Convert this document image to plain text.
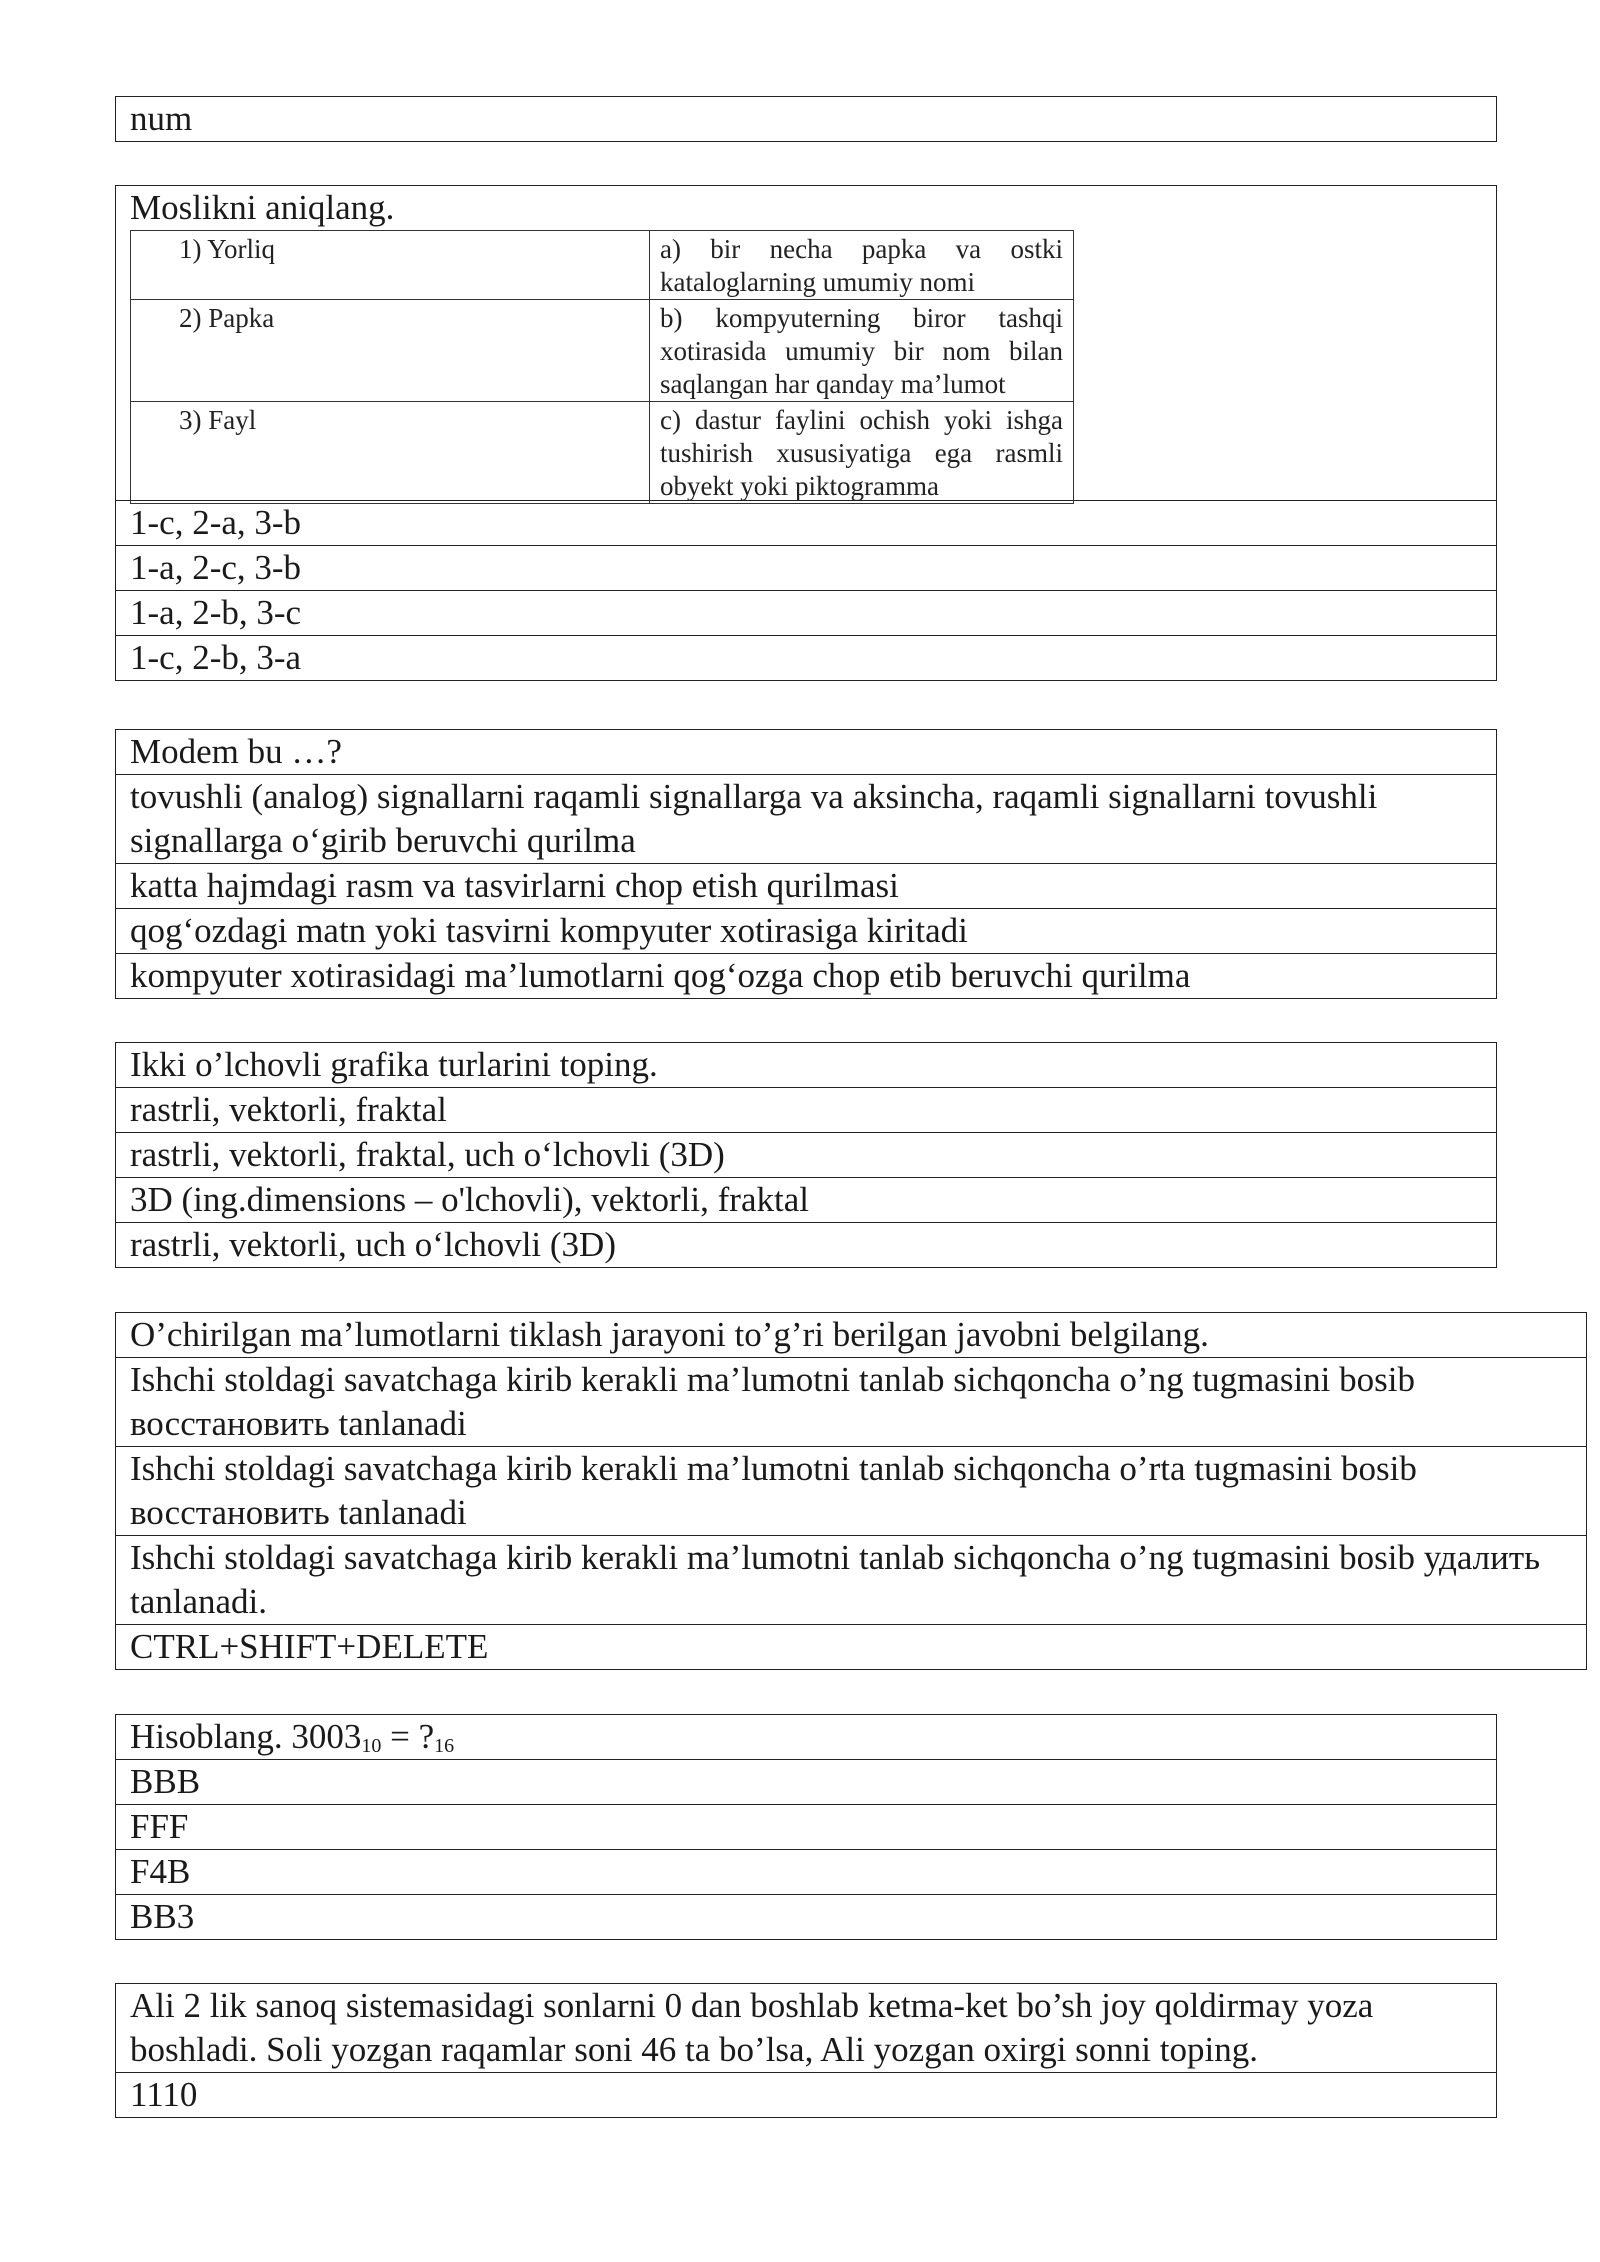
num
Moslikni aniqlang.
1) Yorliq	a) bir necha papka va ostki kataloglarning umumiy nomi
2) Papka	b) kompyuterning biror tashqi xotirasida umumiy bir nom bilan saqlangan har qanday ma’lumot
3) Fayl	c) dastur faylini ochish yoki ishga tushirish xususiyatiga ega rasmli obyekt yoki piktogramma

1-c, 2-a, 3-b
1-a, 2-c, 3-b
1-a, 2-b, 3-c
1-c, 2-b, 3-a
Modem bu …?
tovushli (analog) signallarni raqamli signallarga va aksincha, raqamli signallarni tovushli signallarga o‘girib beruvchi qurilma
katta hajmdagi rasm va tasvirlarni chop etish qurilmasi
qog‘ozdagi matn yoki tasvirni kompyuter xotirasiga kiritadi
kompyuter xotirasidagi ma’lumotlarni qog‘ozga chop etib beruvchi qurilma
Ikki o’lchovli grafika turlarini toping.
rastrli, vektorli, fraktal
rastrli, vektorli, fraktal, uch o‘lchovli (3D)
3D (ing.dimensions – o'lchovli), vektorli, fraktal
rastrli, vektorli, uch o‘lchovli (3D)
O’chirilgan ma’lumotlarni tiklash jarayoni to’g’ri berilgan javobni belgilang.
Ishchi stoldagi savatchaga kirib kerakli ma’lumotni tanlab sichqoncha o’ng tugmasini bosib восстановить tanlanadi
Ishchi stoldagi savatchaga kirib kerakli ma’lumotni tanlab sichqoncha o’rta tugmasini bosib восстановить tanlanadi
Ishchi stoldagi savatchaga kirib kerakli ma’lumotni tanlab sichqoncha o’ng tugmasini bosib удалить tanlanadi.
CTRL+SHIFT+DELETE
Hisoblang. $3003_{10}$ = $?_{16}$
BBB
FFF
F4B
BB3
Ali 2 lik sanoq sistemasidagi sonlarni 0 dan boshlab ketma-ket bo’sh joy qoldirmay yoza boshladi. Soli yozgan raqamlar soni 46 ta bo’lsa, Ali yozgan oxirgi sonni toping.
1110
